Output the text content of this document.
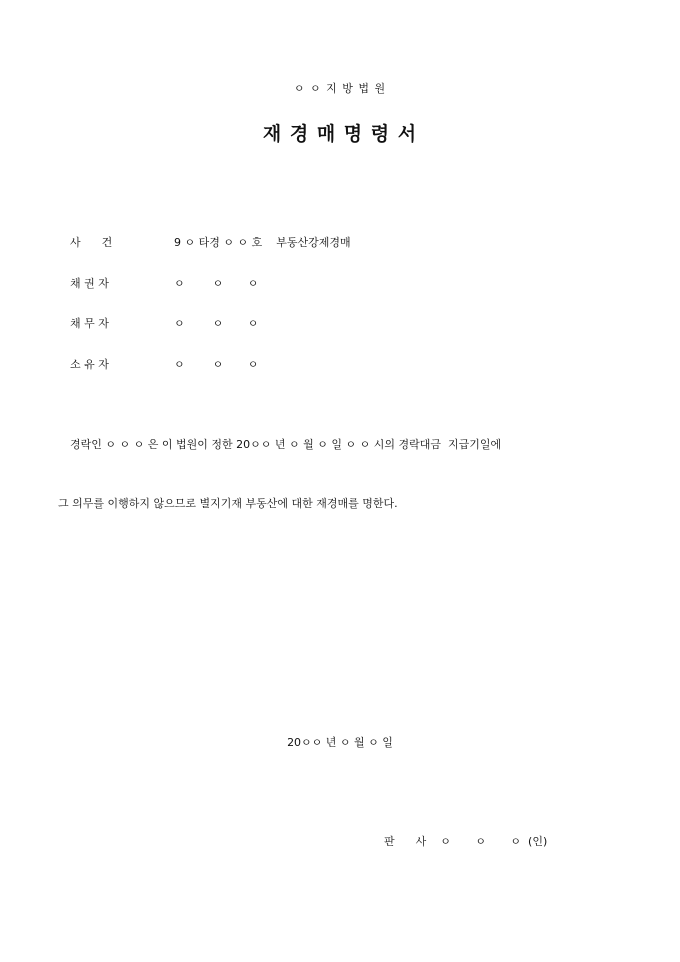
ㅇ ㅇ 지 방 법 원
재 경 매 명 령 서
사      건	9 ㅇ 타경 ㅇ ㅇ 호    부동산강제경매
채 권 자	ㅇ        ㅇ       ㅇ
채 무 자	ㅇ        ㅇ       ㅇ
소 유 자	ㅇ        ㅇ       ㅇ
경락인 ㅇ ㅇ ㅇ 은 이 법원이 정한 20ㅇㅇ 년 ㅇ 월 ㅇ 일 ㅇ ㅇ 시의 경락대금  지급기일에
그 의무를 이행하지 않으므로 별지기재 부동산에 대한 재경매를 명한다.
20ㅇㅇ 년 ㅇ 월 ㅇ 일
판      사    ㅇ       ㅇ       ㅇ  (인)
